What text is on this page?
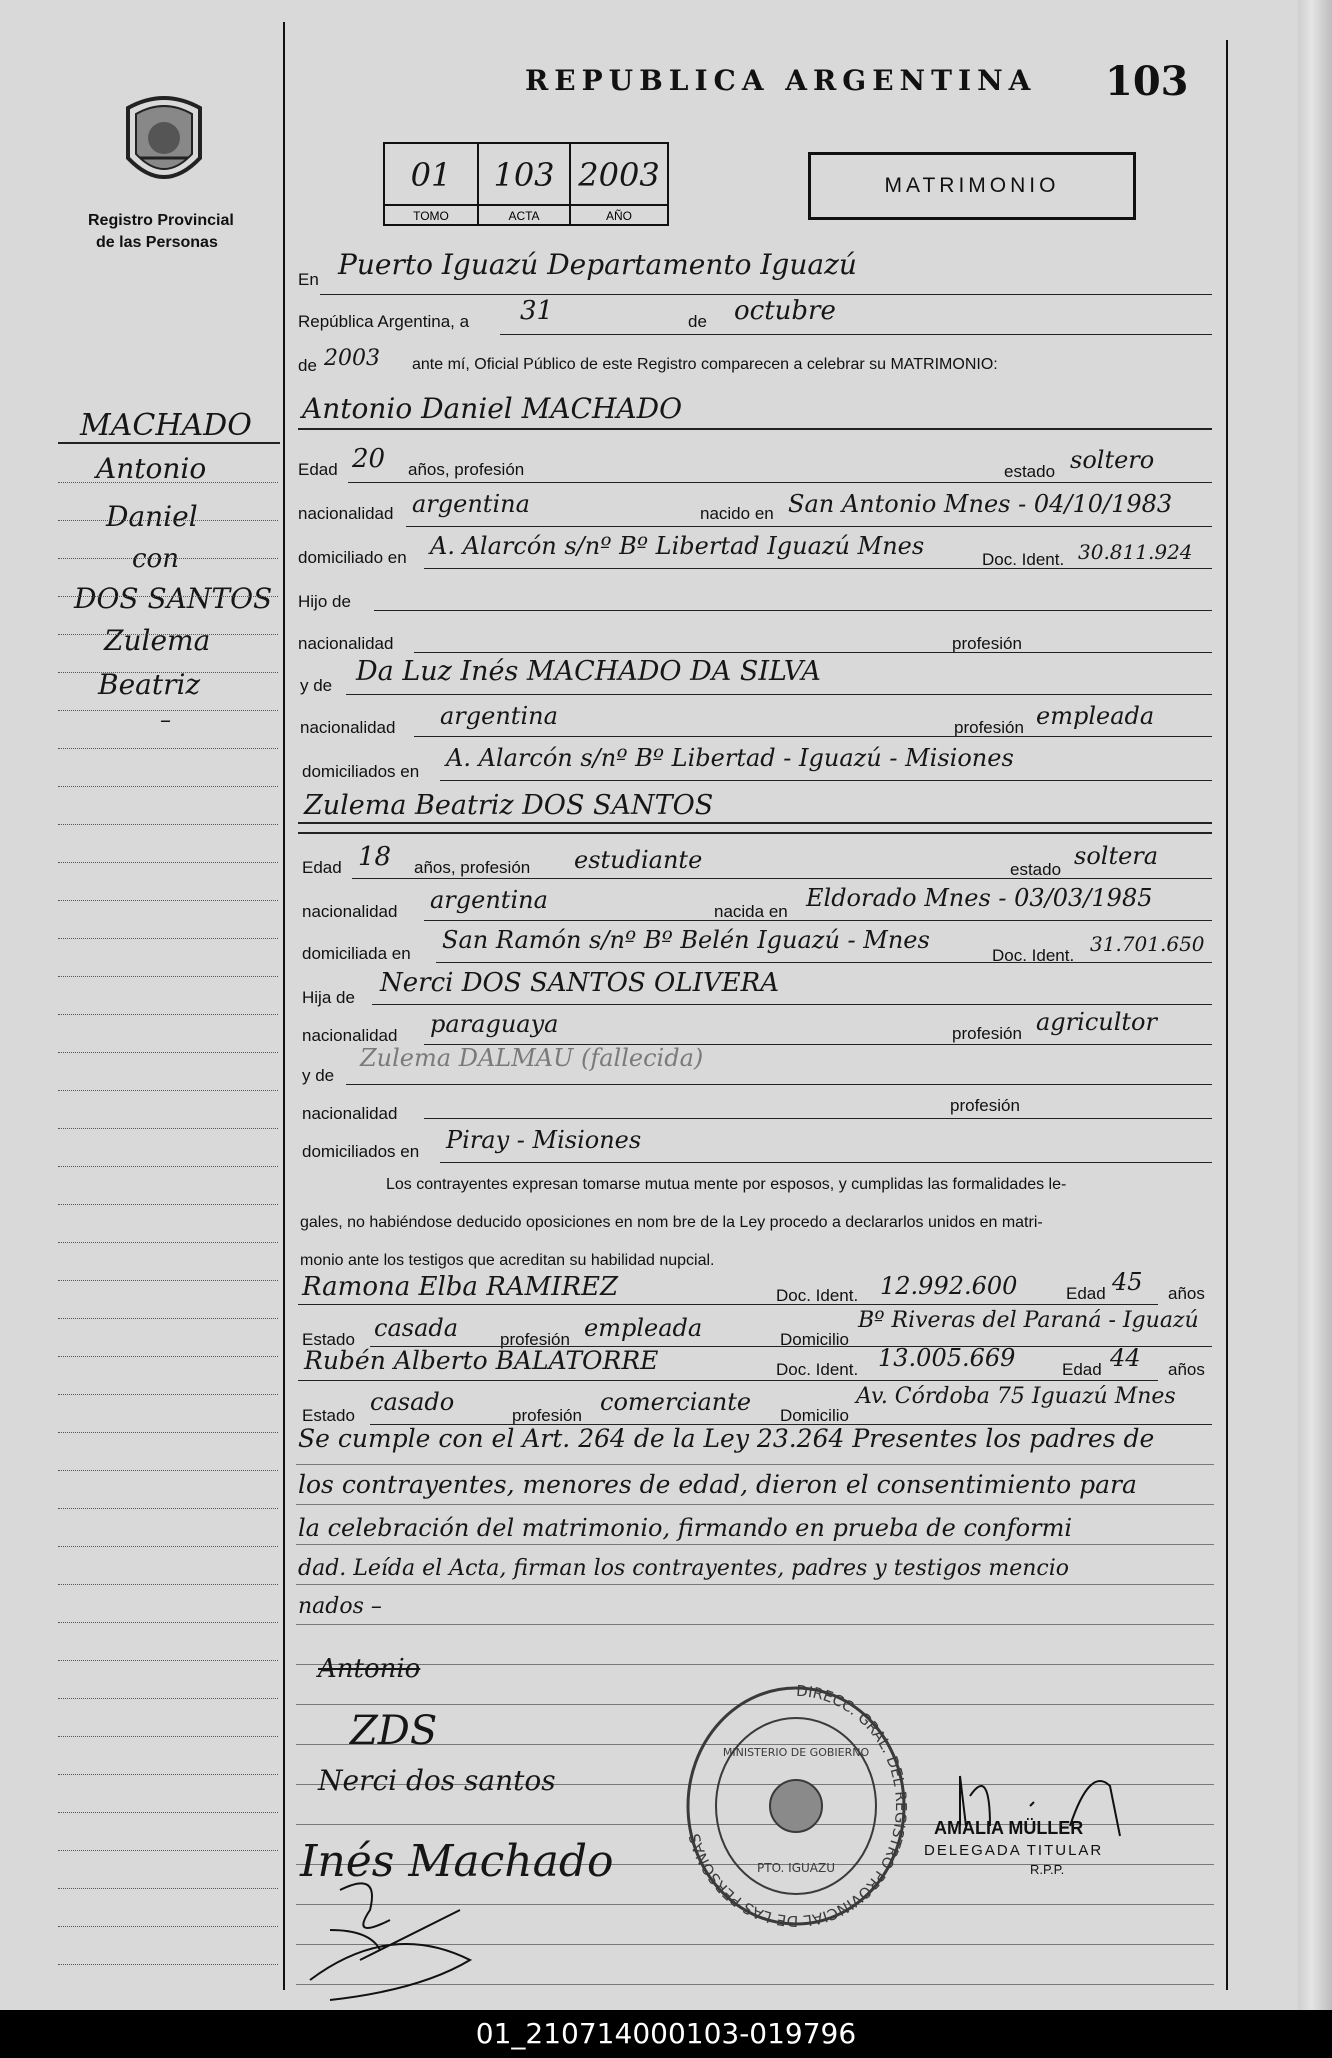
Registro Provincial
de las Personas
REPUBLICA ARGENTINA 103
01
TOMO
103
ACTA
2003
AÑO
MATRIMONIO
MACHADO
Antonio
Daniel
con
DOS SANTOS
Zulema
Beatriz
–
En Puerto Iguazú Departamento Iguazú
República Argentina, a 31	de octubre
de 2003 ante mí, Oficial Público de este Registro comparecen a celebrar su MATRIMONIO:
Antonio Daniel MACHADO
Edad 20 años, profesión	estado soltero
nacionalidad argentina	nacido en San Antonio Mnes - 04/10/1983
domiciliado en A. Alarcón s/nº Bº Libertad Iguazú Mnes	Doc. Ident. 30.811.924
Hijo de
nacionalidad	profesión
y de Da Luz Inés MACHADO DA SILVA
nacionalidad argentina	profesión empleada
domiciliados en A. Alarcón s/nº Bº Libertad - Iguazú - Misiones
Zulema Beatriz DOS SANTOS
Edad 18 años, profesión estudiante	estado soltera
nacionalidad argentina	nacida en Eldorado Mnes - 03/03/1985
domiciliada en San Ramón s/nº Bº Belén Iguazú - Mnes
Doc. Ident. 31.701.650
Hija de Nerci DOS SANTOS OLIVERA
nacionalidad paraguaya	profesión agricultor
y de
Zulema DALMAU (fallecida)
nacionalidad	profesión
domiciliados en Piray - Misiones
Los contrayentes expresan tomarse mutua mente por esposos, y cumplidas las formalidades le-
gales, no habiéndose deducido oposiciones en nom bre de la Ley procedo a declararlos unidos en matri-
monio ante los testigos que acreditan su habilidad nupcial.
Ramona Elba RAMIREZ	Doc. Ident. 12.992.600	Edad 45 años
Estado casada profesión empleada	Domicilio
Bº Riveras del Paraná - Iguazú
Rubén Alberto BALATORRE	Doc. Ident. 13.005.669	Edad 44 años
Estado casado	profesión comerciante Domicilio
Av. Córdoba 75 Iguazú Mnes
Se cumple con el Art. 264 de la Ley 23.264 Presentes los padres de
los contrayentes, menores de edad, dieron el consentimiento para
la celebración del matrimonio, firmando en prueba de conformi
dad. Leída el Acta, firman los contrayentes, padres y testigos mencio
nados –
Antonio
ZDS
Nerci dos santos
Inés Machado
DIRECC. GRAL. DEL REGISTRO PROVINCIAL DE LAS PERSONAS
MINISTERIO DE GOBIERNO
PTO. IGUAZU
AMALIA MÜLLER
DELEGADA TITULAR
R.P.P.
01_210714000103-019796
